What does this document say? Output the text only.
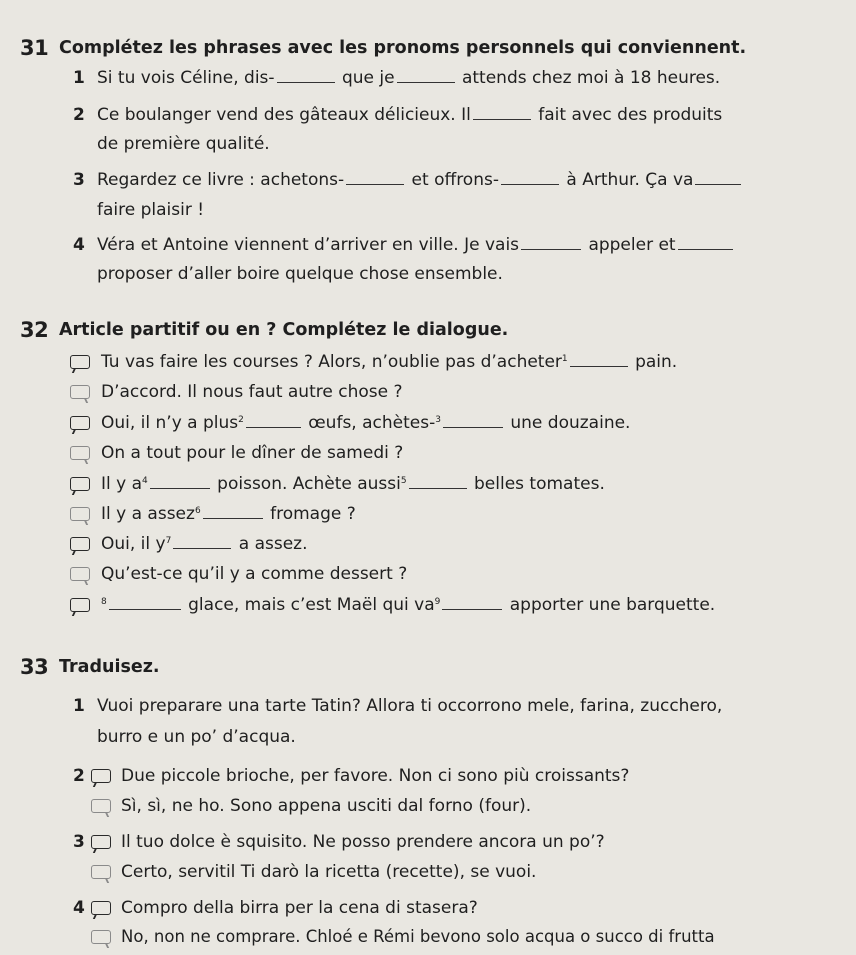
31 Complétez les phrases avec les pronoms personnels qui conviennent.
1 Si tu vois Céline, dis-	que je	attends chez moi à 18 heures.
2 Ce boulanger vend des gâteaux délicieux. Il	fait avec des produits
de première qualité.
3 Regardez ce livre : achetons-	et offrons-	à Arthur. Ça va
faire plaisir !
4 Véra et Antoine viennent d’arriver en ville. Je vais	appeler et
proposer d’aller boire quelque chose ensemble.
32 Article partitif ou en ? Complétez le dialogue.
Tu vas faire les courses ? Alors, n’oublie pas d’acheter$^1$	pain.
D’accord. Il nous faut autre chose ?
Oui, il n’y a plus$^2$	œufs, achètes-$^3$	une douzaine.
On a tout pour le dîner de samedi ?
Il y $a^4$	poisson. Achète aussi$^5$	belles tomates.
Il y a assez$^6$	fromage ?
Oui, il $y^7$	a assez.
Qu’est-ce qu’il y a comme dessert ?
$^8$	glace, mais c’est Maël qui $va^9$	apporter une barquette.
33 Traduisez.
1 Vuoi preparare una tarte Tatin? Allora ti occorrono mele, farina, zucchero,
burro e un po’ d’acqua.
2 Due piccole brioche, per favore. Non ci sono più croissants?
Sì, sì, ne ho. Sono appena usciti dal forno (four).
3 Il tuo dolce è squisito. Ne posso prendere ancora un po’?
Certo, servitil Ti darò la ricetta (recette), se vuoi.
4 Compro della birra per la cena di stasera?
No, non ne comprare. Chloé e Rémi bevono solo acqua o succo di frutta
